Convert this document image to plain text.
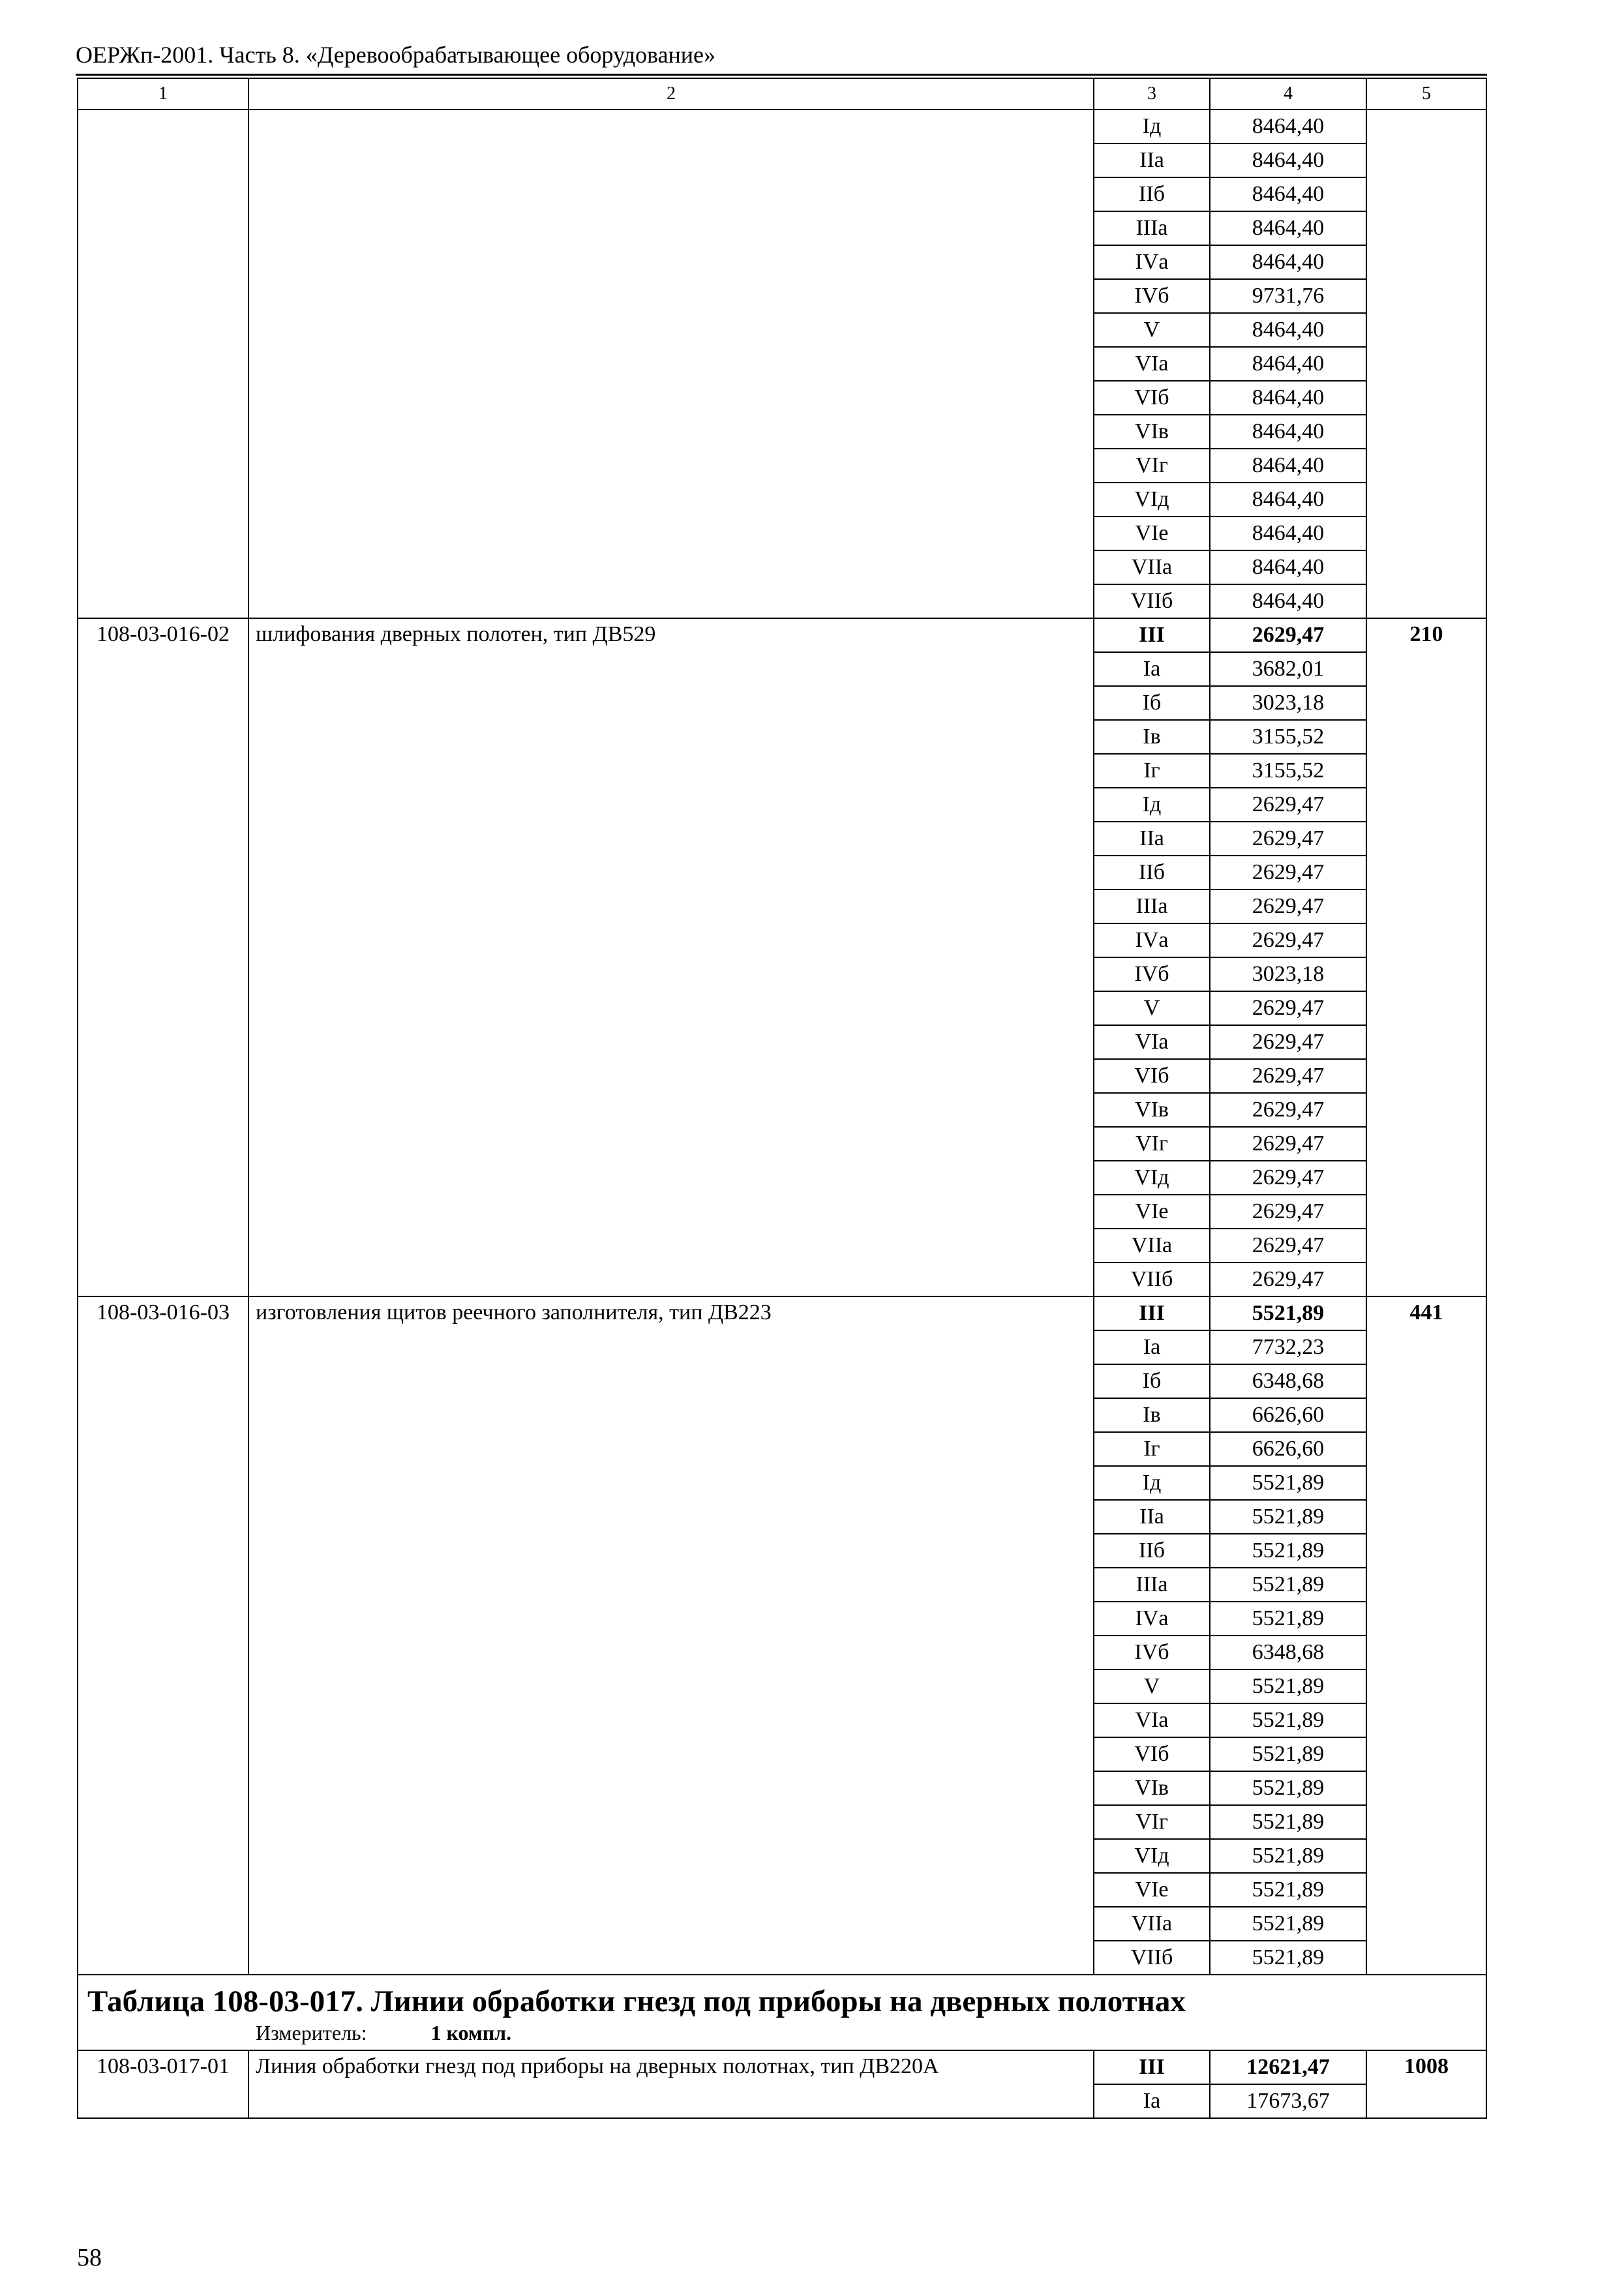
ОЕРЖп-2001. Часть 8. «Деревообрабатывающее оборудование»
1	2	3	4	5
		Iд	8464,40	
		IIа	8464,40	
		IIб	8464,40	
		IIIа	8464,40	
		IVа	8464,40	
		IVб	9731,76	
		V	8464,40	
		VIа	8464,40	
		VIб	8464,40	
		VIв	8464,40	
		VIг	8464,40	
		VIд	8464,40	
		VIе	8464,40	
		VIIа	8464,40	
		VIIб	8464,40	
108-03-016-02	шлифования дверных полотен, тип ДВ529	III	2629,47	210
		Iа	3682,01	
		Iб	3023,18	
		Iв	3155,52	
		Iг	3155,52	
		Iд	2629,47	
		IIа	2629,47	
		IIб	2629,47	
		IIIа	2629,47	
		IVа	2629,47	
		IVб	3023,18	
		V	2629,47	
		VIа	2629,47	
		VIб	2629,47	
		VIв	2629,47	
		VIг	2629,47	
		VIд	2629,47	
		VIе	2629,47	
		VIIа	2629,47	
		VIIб	2629,47	
108-03-016-03	изготовления щитов реечного заполнителя, тип ДВ223	III	5521,89	441
		Iа	7732,23	
		Iб	6348,68	
		Iв	6626,60	
		Iг	6626,60	
		Iд	5521,89	
		IIа	5521,89	
		IIб	5521,89	
		IIIа	5521,89	
		IVа	5521,89	
		IVб	6348,68	
		V	5521,89	
		VIа	5521,89	
		VIб	5521,89	
		VIв	5521,89	
		VIг	5521,89	
		VIд	5521,89	
		VIе	5521,89	
		VIIа	5521,89	
		VIIб	5521,89	

Таблица 108-03-017. Линии обработки гнезд под приборы на дверных полотнах
Измеритель: 1 компл.				

108-03-017-01	Линия обработки гнезд под приборы на дверных полотнах, тип ДВ220А	III	12621,47	1008
		Iа	17673,67	
58
